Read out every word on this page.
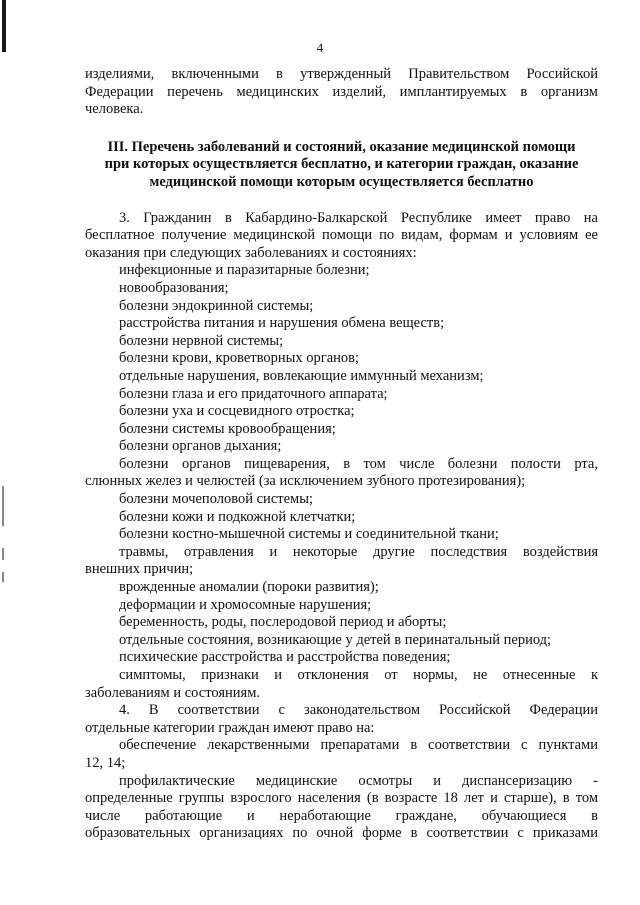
4

изделиями, включенными в утвержденный Правительством Российской

Федерации перечень медицинских изделий, имплантируемых в организм

человека.

III. Перечень заболеваний и состояний, оказание медицинской помощи

при которых осуществляется бесплатно, и категории граждан, оказание

медицинской помощи которым осуществляется бесплатно

3. Гражданин в Кабардино-Балкарской Республике имеет право на

бесплатное получение медицинской помощи по видам, формам и условиям ее

оказания при следующих заболеваниях и состояниях:

инфекционные и паразитарные болезни;

новообразования;

болезни эндокринной системы;

расстройства питания и нарушения обмена веществ;

болезни нервной системы;

болезни крови, кроветворных органов;

отдельные нарушения, вовлекающие иммунный механизм;

болезни глаза и его придаточного аппарата;

болезни уха и сосцевидного отростка;

болезни системы кровообращения;

болезни органов дыхания;

болезни органов пищеварения, в том числе болезни полости рта,

слюнных желез и челюстей (за исключением зубного протезирования);

болезни мочеполовой системы;

болезни кожи и подкожной клетчатки;

болезни костно-мышечной системы и соединительной ткани;

травмы, отравления и некоторые другие последствия воздействия

внешних причин;

врожденные аномалии (пороки развития);

деформации и хромосомные нарушения;

беременность, роды, послеродовой период и аборты;

отдельные состояния, возникающие у детей в перинатальный период;

психические расстройства и расстройства поведения;

симптомы, признаки и отклонения от нормы, не отнесенные к

заболеваниям и состояниям.

4. В соответствии с законодательством Российской Федерации

отдельные категории граждан имеют право на:

обеспечение лекарственными препаратами в соответствии с пунктами

12, 14;

профилактические медицинские осмотры и диспансеризацию -

определенные группы взрослого населения (в возрасте 18 лет и старше), в том

числе работающие и неработающие граждане, обучающиеся в

образовательных организациях по очной форме в соответствии с приказами
